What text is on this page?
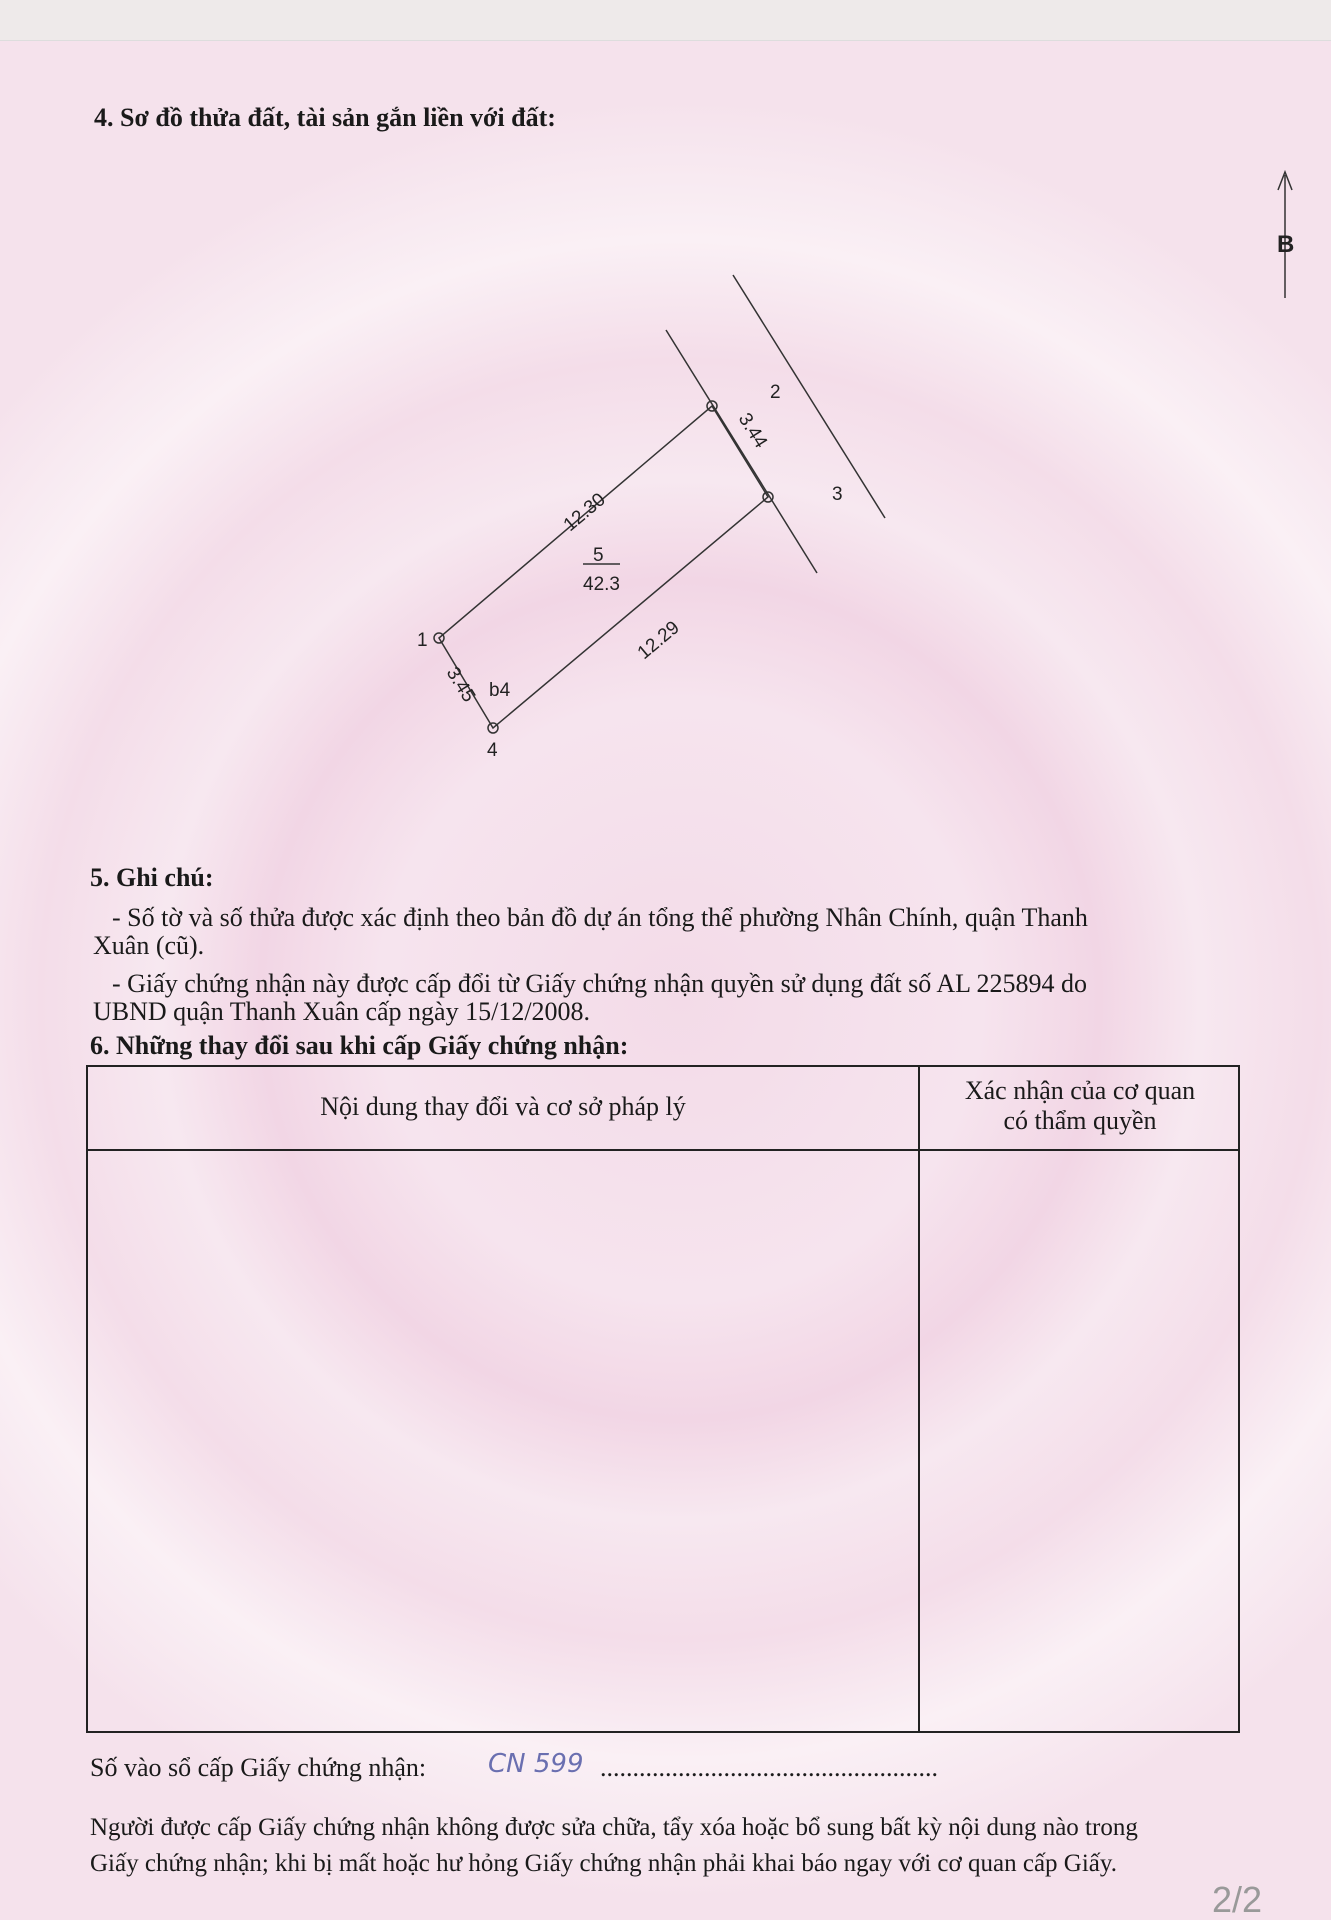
4. Sơ đồ thửa đất, tài sản gắn liền với đất:
B
1
2
3
4
12.30
3.44
12.29
3.45
5
42.3
b4
5. Ghi chú:
- Số tờ và số thửa được xác định theo bản đồ dự án tổng thể phường Nhân Chính, quận Thanh
Xuân (cũ).
- Giấy chứng nhận này được cấp đổi từ Giấy chứng nhận quyền sử dụng đất số AL 225894 do
UBND quận Thanh Xuân cấp ngày 15/12/2008.
6. Những thay đổi sau khi cấp Giấy chứng nhận:
Nội dung thay đổi và cơ sở pháp lý
Xác nhận của cơ quan
có thẩm quyền
Số vào sổ cấp Giấy chứng nhận: CN 599 ....................................................
Người được cấp Giấy chứng nhận không được sửa chữa, tẩy xóa hoặc bổ sung bất kỳ nội dung nào trong
Giấy chứng nhận; khi bị mất hoặc hư hỏng Giấy chứng nhận phải khai báo ngay với cơ quan cấp Giấy.
2/2
